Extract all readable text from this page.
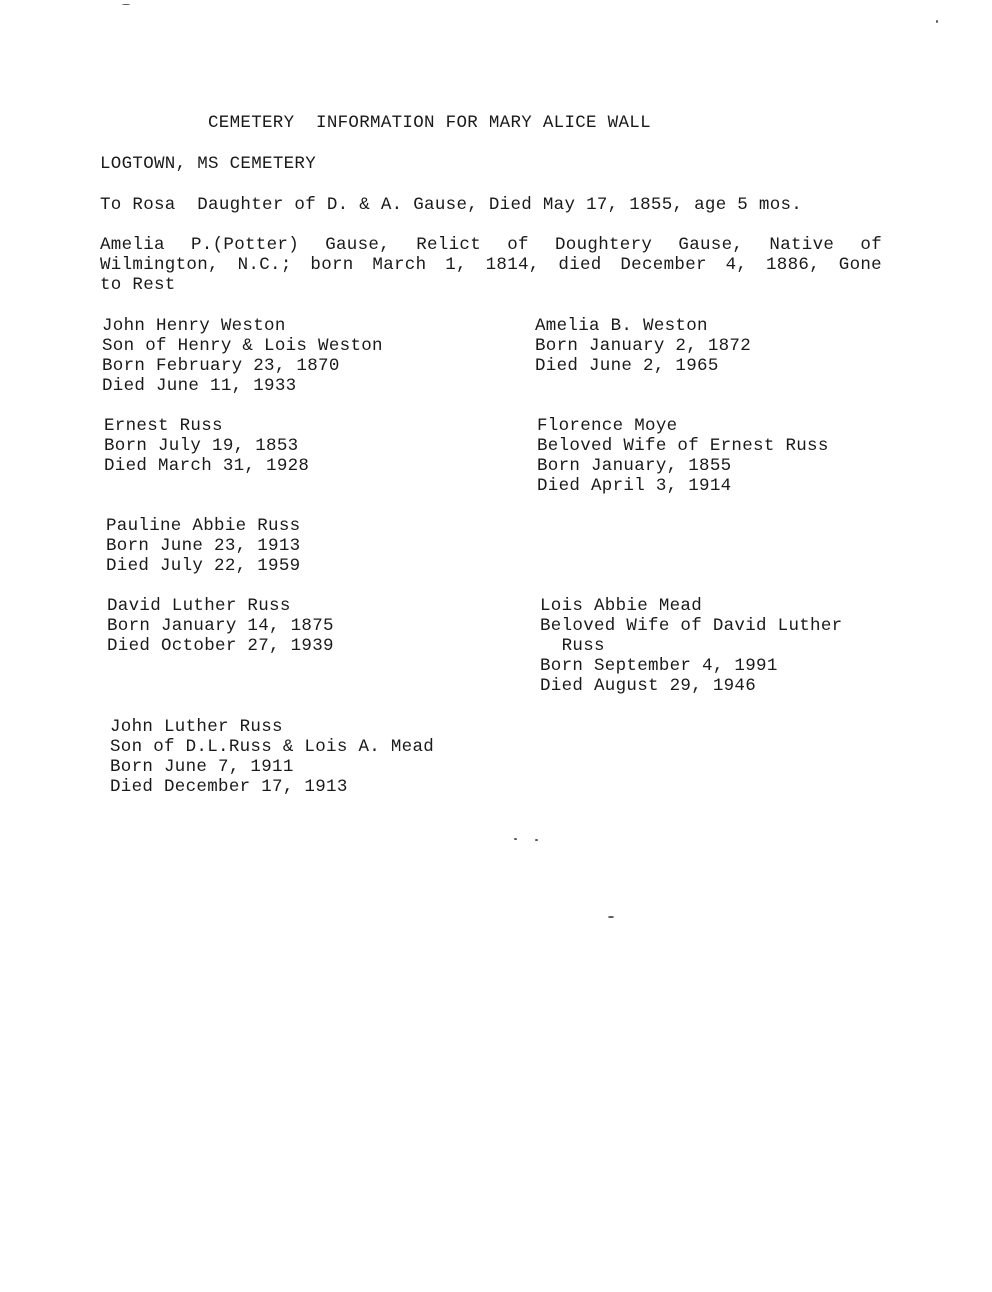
CEMETERY  INFORMATION FOR MARY ALICE WALL
LOGTOWN, MS CEMETERY
To Rosa  Daughter of D. & A. Gause, Died May 17, 1855, age 5 mos.
Amelia P.(Potter) Gause, Relict of Doughtery Gause, Native of
Wilmington, N.C.; born March 1, 1814, died December 4, 1886, Gone
to Rest
John Henry Weston
Son of Henry & Lois Weston
Born February 23, 1870
Died June 11, 1933
Ernest Russ
Born July 19, 1853
Died March 31, 1928
Pauline Abbie Russ
Born June 23, 1913
Died July 22, 1959
David Luther Russ
Born January 14, 1875
Died October 27, 1939
John Luther Russ
Son of D.L.Russ & Lois A. Mead
Born June 7, 1911
Died December 17, 1913
Amelia B. Weston
Born January 2, 1872
Died June 2, 1965
Florence Moye
Beloved Wife of Ernest Russ
Born January, 1855
Died April 3, 1914
Lois Abbie Mead
Beloved Wife of David Luther
Russ
Born September 4, 1991
Died August 29, 1946
